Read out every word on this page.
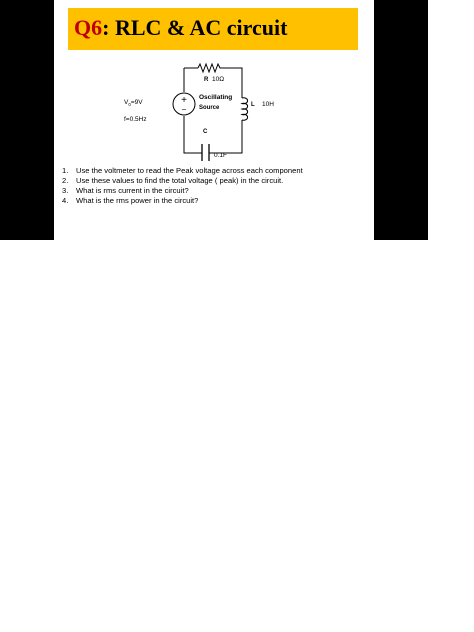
Q6: RLC & AC circuit
+
−
R 10Ω
Oscillating
Source
$V_0=9V$
f=0.5Hz
L 10H
C
0.1F
1. Use the voltmeter to read the Peak voltage across each component
2. Use these values to find the total voltage ( peak) in the circuit.
3. What is rms current in the circuit?
4. What is the rms power in the circuit?
